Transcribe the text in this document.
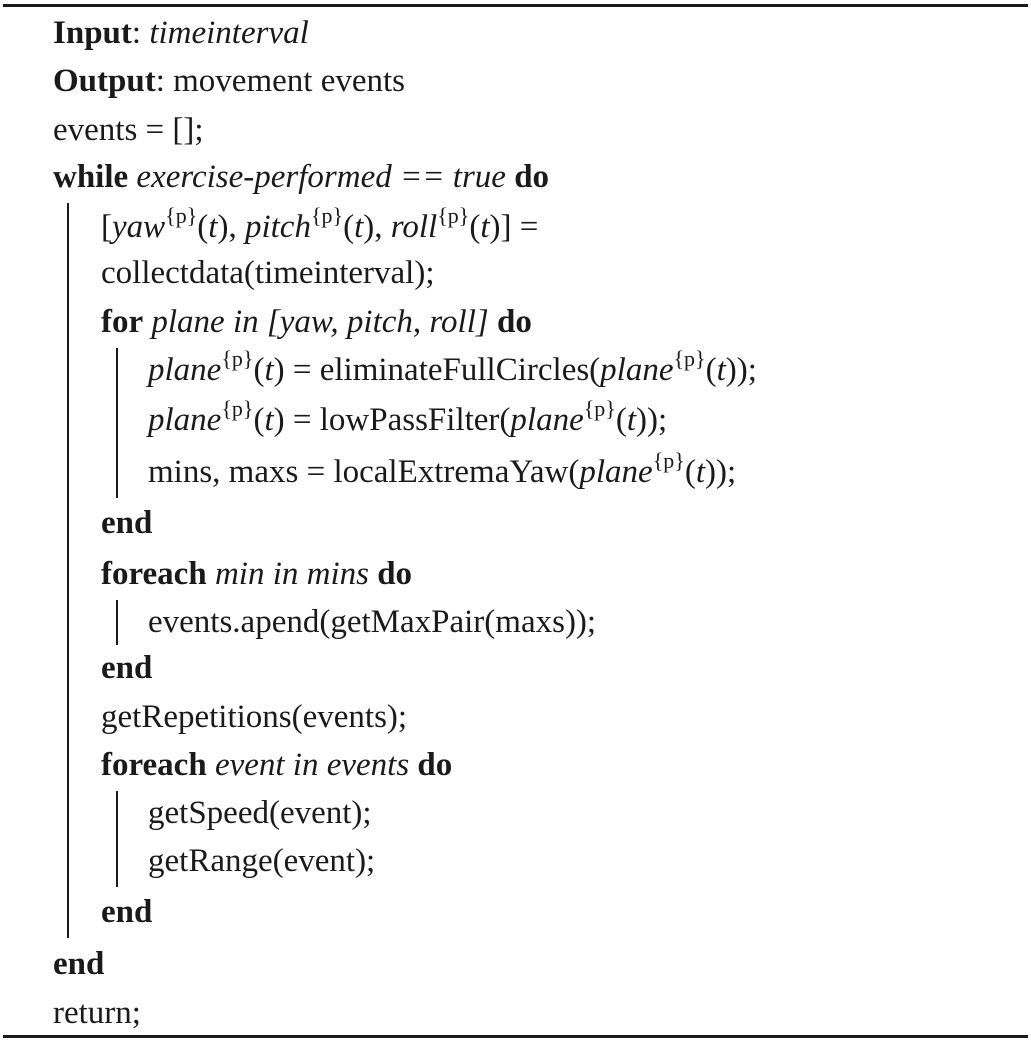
Input: timeinterval
Output: movement events
events = [];
while exercise-performed == true do
[yaw$^{\{p\}}$(t), pitch$^{\{p\}}$(t), roll$^{\{p\}}$(t)] =
collectdata(timeinterval);
for plane in [yaw, pitch, roll] do
plane$^{\{p\}}$(t) = eliminateFullCircles(plane$^{\{p\}}$(t));
plane$^{\{p\}}$(t) = lowPassFilter(plane$^{\{p\}}$(t));
mins, maxs = localExtremaYaw(plane$^{\{p\}}$(t));
end
foreach min in mins do
events.apend(getMaxPair(maxs));
end
getRepetitions(events);
foreach event in events do
getSpeed(event);
getRange(event);
end
end
return;
